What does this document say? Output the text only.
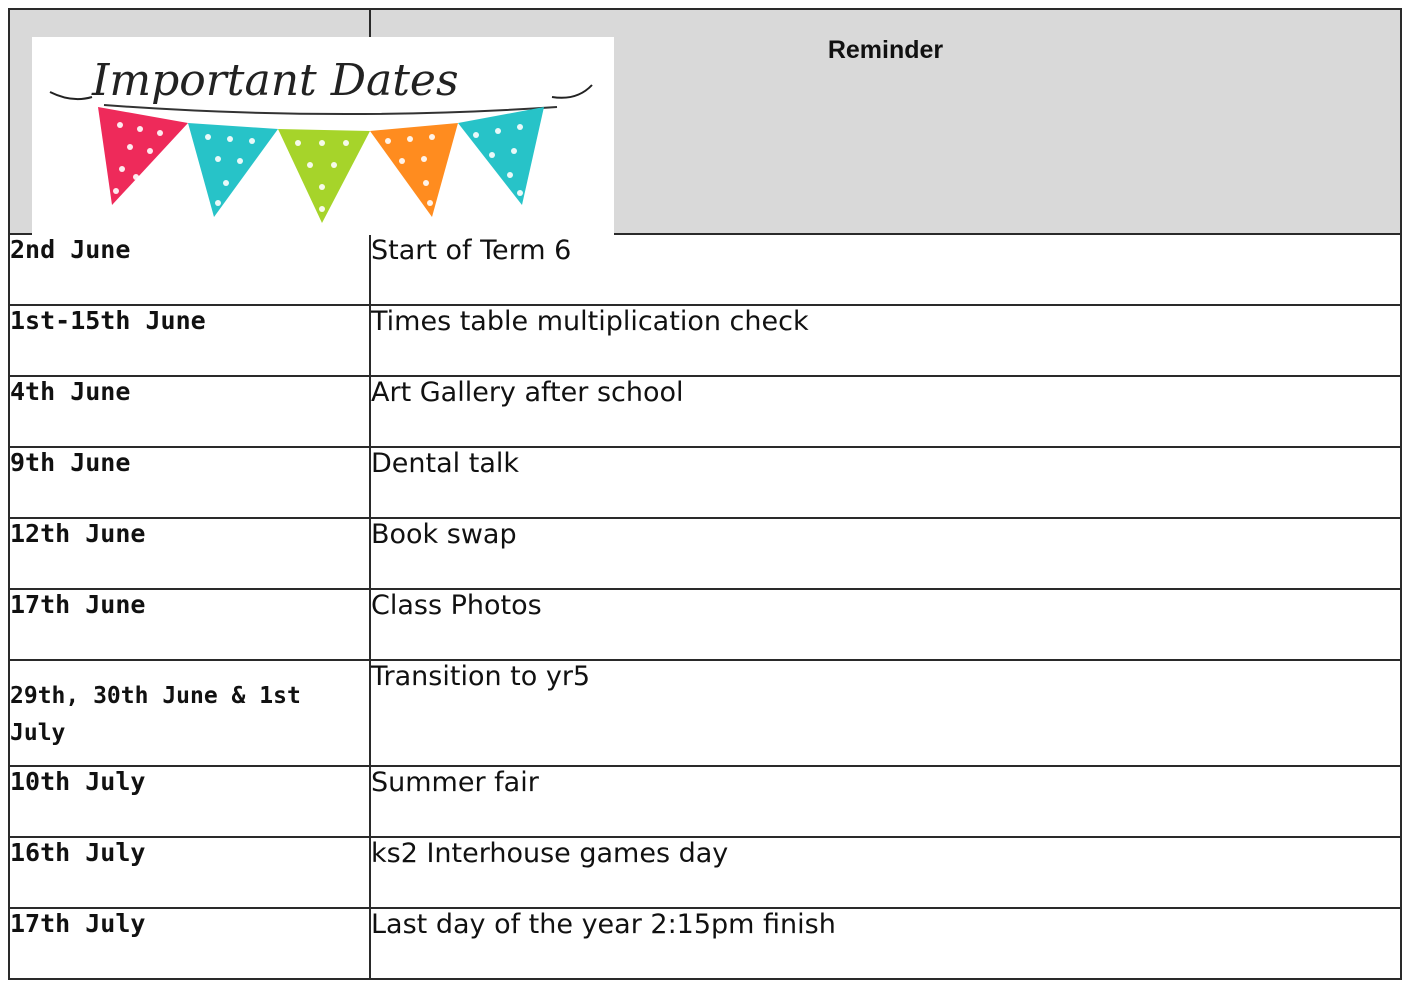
Important Dates	Reminder

2nd June	Start of Term 6
1st-15th June	Times table multiplication check
4th June	Art Gallery after school
9th June	Dental talk
12th June	Book swap
17th June	Class Photos
29th, 30th June & 1st July	Transition to yr5
10th July	Summer fair
16th July	ks2 Interhouse games day
17th July	Last day of the year 2:15pm finish
